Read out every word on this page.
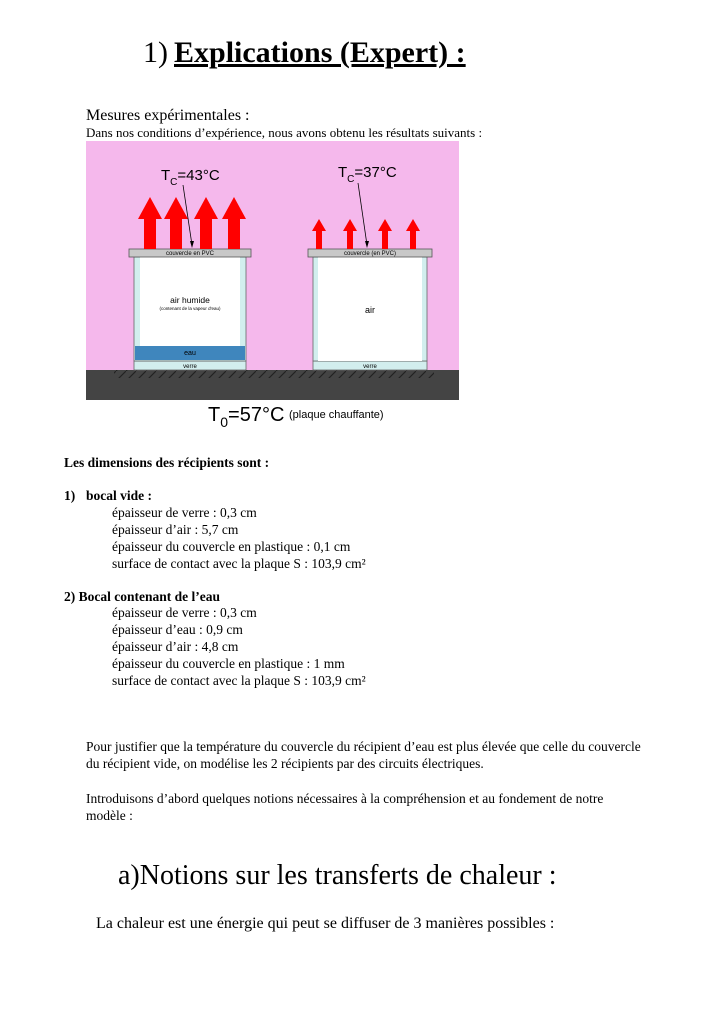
1) Explications (Expert) :
Mesures expérimentales :
Dans nos conditions d’expérience, nous avons obtenu les résultats suivants :
couvercle en PVC
air humide
(contenant de la vapeur d'eau)
eau
verre
couvercle (en PVC)
air
verre
$T_C=43^\circ C$	$T_C=37^\circ C$
$T_0=57^\circ C$ (plaque chauffante)
Les dimensions des récipients sont :
1) bocal vide :
épaisseur de verre : 0,3 cm
épaisseur d’air : 5,7 cm
épaisseur du couvercle en plastique : 0,1 cm
surface de contact avec la plaque S : 103,9 cm²
2) Bocal contenant de l’eau
épaisseur de verre : 0,3 cm
épaisseur d’eau : 0,9 cm
épaisseur d’air : 4,8 cm
épaisseur du couvercle en plastique : 1 mm
surface de contact avec la plaque S : 103,9 cm²
Pour justifier que la température du couvercle du récipient d’eau est plus élevée que celle du couvercle du récipient vide, on modélise les 2 récipients par des circuits électriques.
Introduisons d’abord quelques notions nécessaires à la compréhension et au fondement de notre modèle :
a)Notions sur les transferts de chaleur :
La chaleur est une énergie qui peut se diffuser de 3 manières possibles :
